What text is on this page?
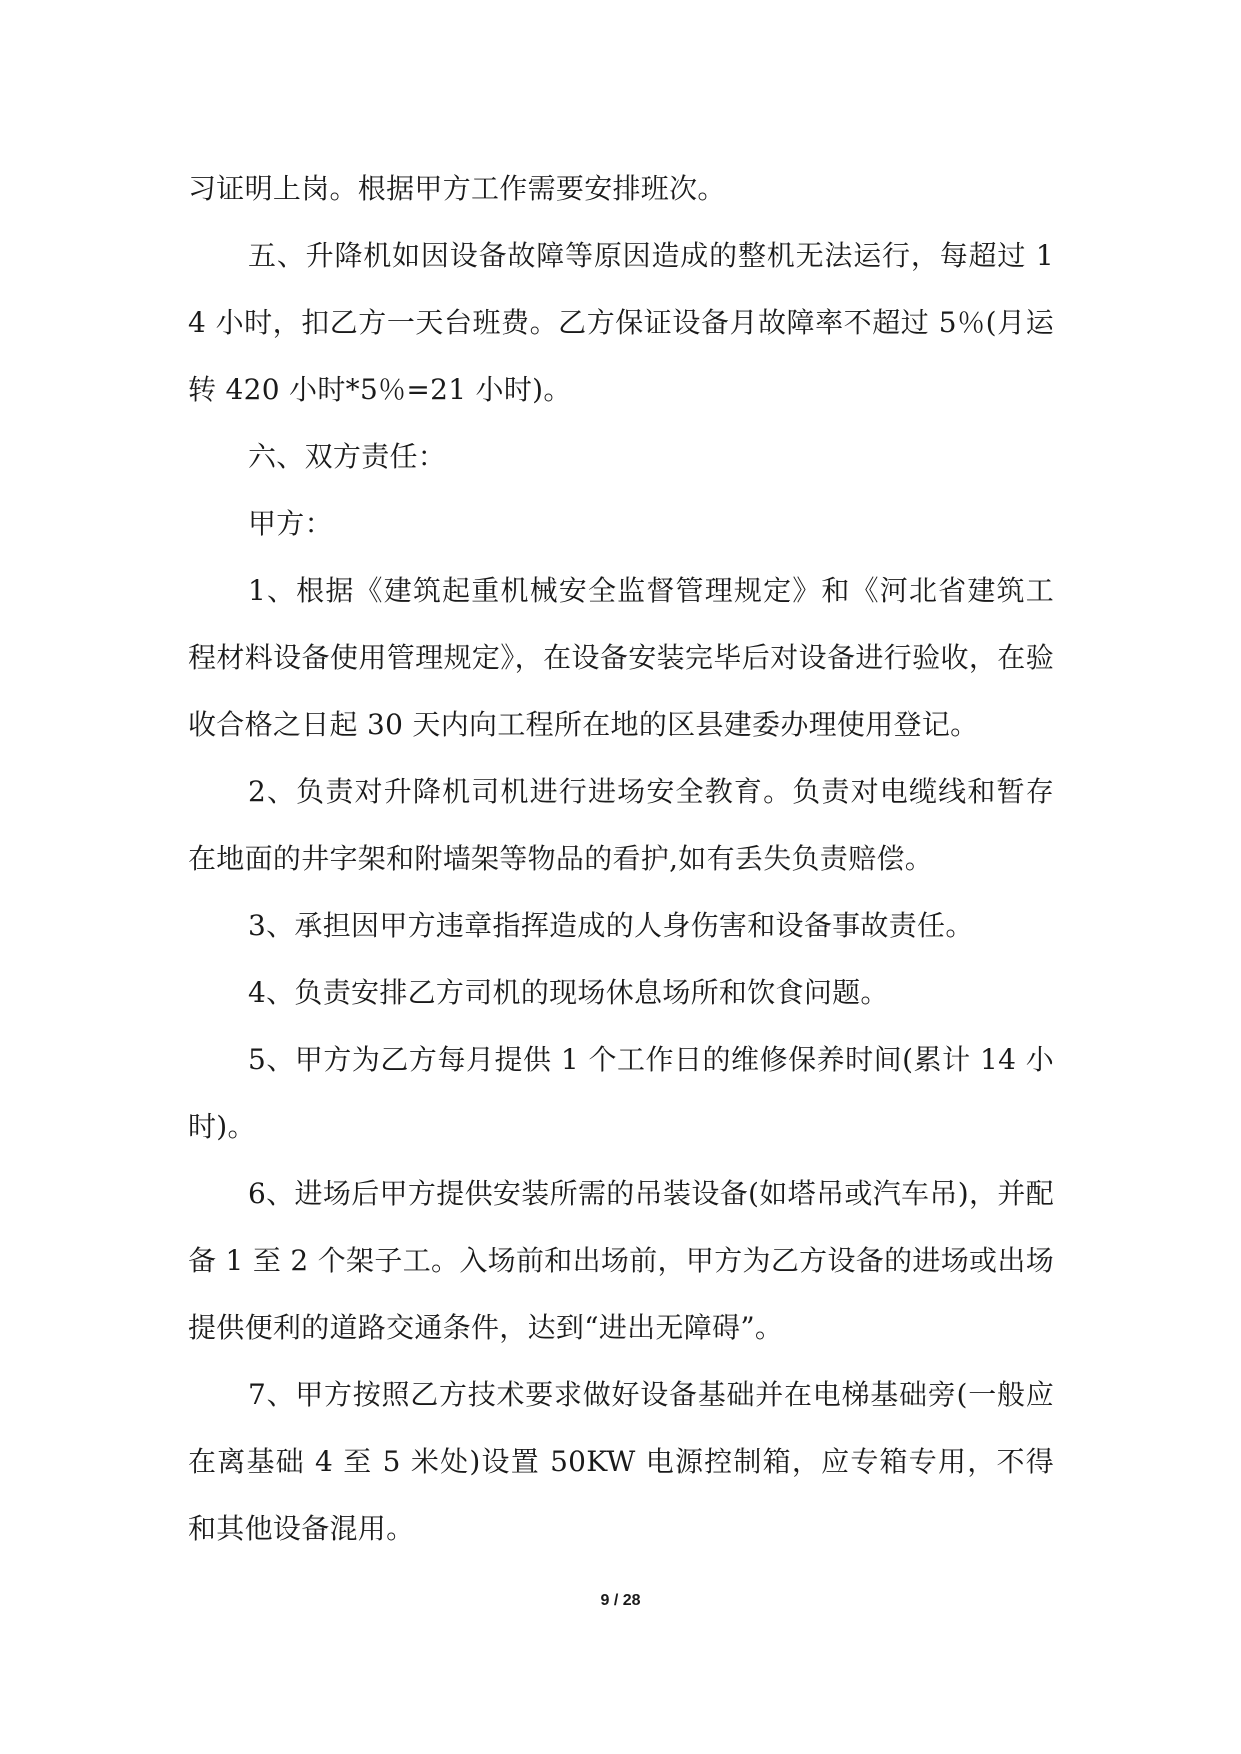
习证明上岗。根据甲方工作需要安排班次。

五、升降机如因设备故障等原因造成的整机无法运行，每超过 14 小时，扣乙方一天台班费。乙方保证设备月故障率不超过 5％(月运转 420 小时*5％=21 小时)。

六、双方责任：

甲方：

1、根据《建筑起重机械安全监督管理规定》和《河北省建筑工程材料设备使用管理规定》，在设备安装完毕后对设备进行验收，在验收合格之日起 30 天内向工程所在地的区县建委办理使用登记。

2、负责对升降机司机进行进场安全教育。负责对电缆线和暂存在地面的井字架和附墙架等物品的看护,如有丢失负责赔偿。

3、承担因甲方违章指挥造成的人身伤害和设备事故责任。

4、负责安排乙方司机的现场休息场所和饮食问题。

5、甲方为乙方每月提供 1 个工作日的维修保养时间(累计 14 小时)。

6、进场后甲方提供安装所需的吊装设备(如塔吊或汽车吊)，并配备 1 至 2 个架子工。入场前和出场前，甲方为乙方设备的进场或出场提供便利的道路交通条件，达到“进出无障碍”。

7、甲方按照乙方技术要求做好设备基础并在电梯基础旁(一般应在离基础 4 至 5 米处)设置 50KW 电源控制箱，应专箱专用，不得和其他设备混用。

9 / 28
